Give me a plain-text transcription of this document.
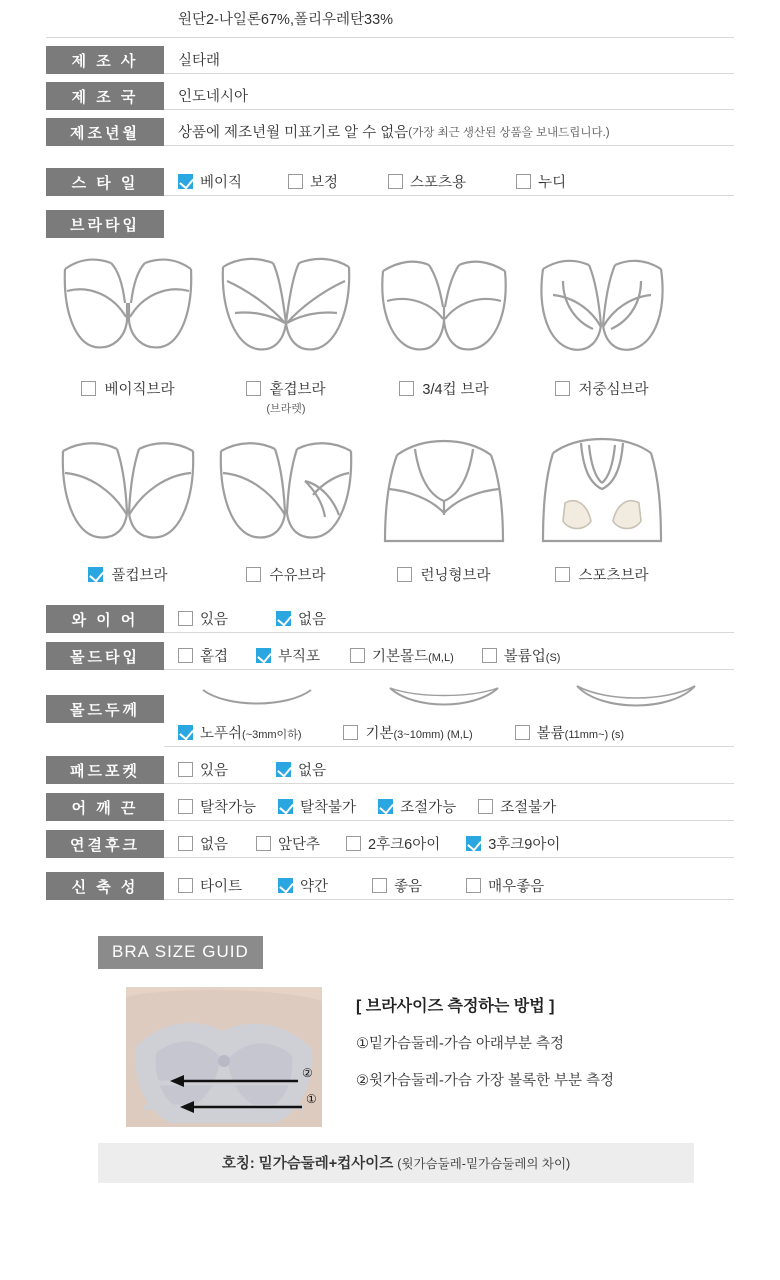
원단2-나일론67%,폴리우레탄33%
제 조 사	실타래
제 조 국	인도네시아
제조년월	상품에 제조년월 미표기로 알 수 없음 (가장 최근 생산된 상품을 보내드립니다.)
스 타 일	베이직	보정	스포츠용	누디
브라타입
베이직브라	홑겹브라
(브라렛)
3/4컵 브라	저중심브라
풀컵브라	수유브라	런닝형브라	스포츠브라
와 이 어	있음	없음
몰드타입	홑겹	부직포	기본몰드(M,L)	볼륨업(S)
몰드두께
노푸쉬(~3mm이하)	기본(3~10mm) (M,L)	볼륨(11mm~) (s)
패드포켓	있음	없음
어 깨 끈	탈착가능	탈착불가	조절가능	조절불가
연결후크	없음	앞단추	2후크6아이	3후크9아이
신 축 성	타이트	약간	좋음	매우좋음
BRA SIZE GUID
②
①
[ 브라사이즈 측정하는 방법 ]

①밑가슴둘레-가슴 아래부분 측정

②윗가슴둘레-가슴 가장 볼록한 부분 측정

호칭: 밑가슴둘레+컵사이즈 (윗가슴둘레-밑가슴둘레의 차이)
